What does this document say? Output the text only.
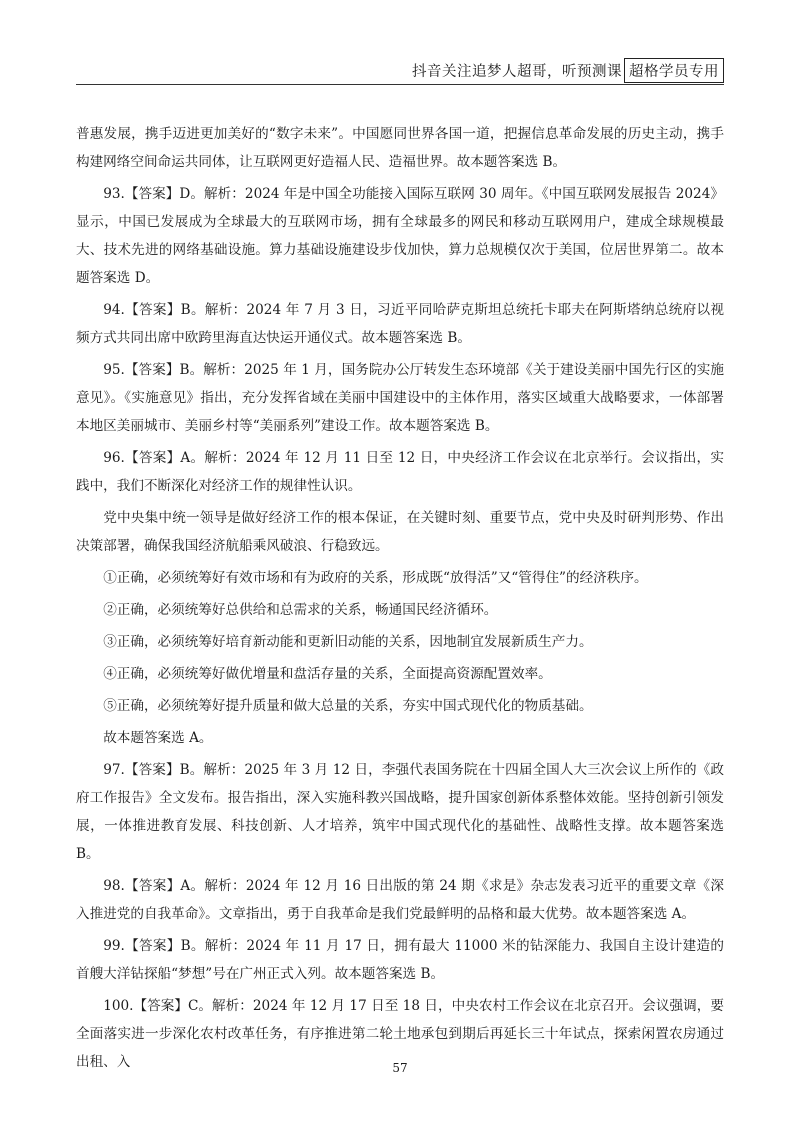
抖音关注追梦人超哥，听预测课 超格学员专用

普惠发展，携手迈进更加美好的“数字未来”。中国愿同世界各国一道，把握信息革命发展的历史主动，携手构建网络空间命运共同体，让互联网更好造福人民、造福世界。故本题答案选 B。

93.【答案】D。解析：2024 年是中国全功能接入国际互联网 30 周年。《中国互联网发展报告 2024》显示，中国已发展成为全球最大的互联网市场，拥有全球最多的网民和移动互联网用户，建成全球规模最大、技术先进的网络基础设施。算力基础设施建设步伐加快，算力总规模仅次于美国，位居世界第二。故本题答案选 D。

94.【答案】B。解析：2024 年 7 月 3 日，习近平同哈萨克斯坦总统托卡耶夫在阿斯塔纳总统府以视频方式共同出席中欧跨里海直达快运开通仪式。故本题答案选 B。

95.【答案】B。解析：2025 年 1 月，国务院办公厅转发生态环境部《关于建设美丽中国先行区的实施意见》。《实施意见》指出，充分发挥省域在美丽中国建设中的主体作用，落实区域重大战略要求，一体部署本地区美丽城市、美丽乡村等“美丽系列”建设工作。故本题答案选 B。

96.【答案】A。解析：2024 年 12 月 11 日至 12 日，中央经济工作会议在北京举行。会议指出，实践中，我们不断深化对经济工作的规律性认识。

党中央集中统一领导是做好经济工作的根本保证，在关键时刻、重要节点，党中央及时研判形势、作出决策部署，确保我国经济航船乘风破浪、行稳致远。

①正确，必须统筹好有效市场和有为政府的关系，形成既“放得活”又“管得住”的经济秩序。

②正确，必须统筹好总供给和总需求的关系，畅通国民经济循环。

③正确，必须统筹好培育新动能和更新旧动能的关系，因地制宜发展新质生产力。

④正确，必须统筹好做优增量和盘活存量的关系，全面提高资源配置效率。

⑤正确，必须统筹好提升质量和做大总量的关系，夯实中国式现代化的物质基础。

故本题答案选 A。

97.【答案】B。解析：2025 年 3 月 12 日，李强代表国务院在十四届全国人大三次会议上所作的《政府工作报告》全文发布。报告指出，深入实施科教兴国战略，提升国家创新体系整体效能。坚持创新引领发展，一体推进教育发展、科技创新、人才培养，筑牢中国式现代化的基础性、战略性支撑。故本题答案选 B。

98.【答案】A。解析：2024 年 12 月 16 日出版的第 24 期《求是》杂志发表习近平的重要文章《深入推进党的自我革命》。文章指出，勇于自我革命是我们党最鲜明的品格和最大优势。故本题答案选 A。

99.【答案】B。解析：2024 年 11 月 17 日，拥有最大 11000 米的钻深能力、我国自主设计建造的首艘大洋钻探船“梦想”号在广州正式入列。故本题答案选 B。

100.【答案】C。解析：2024 年 12 月 17 日至 18 日，中央农村工作会议在北京召开。会议强调，要全面落实进一步深化农村改革任务，有序推进第二轮土地承包到期后再延长三十年试点，探索闲置农房通过出租、入	57
